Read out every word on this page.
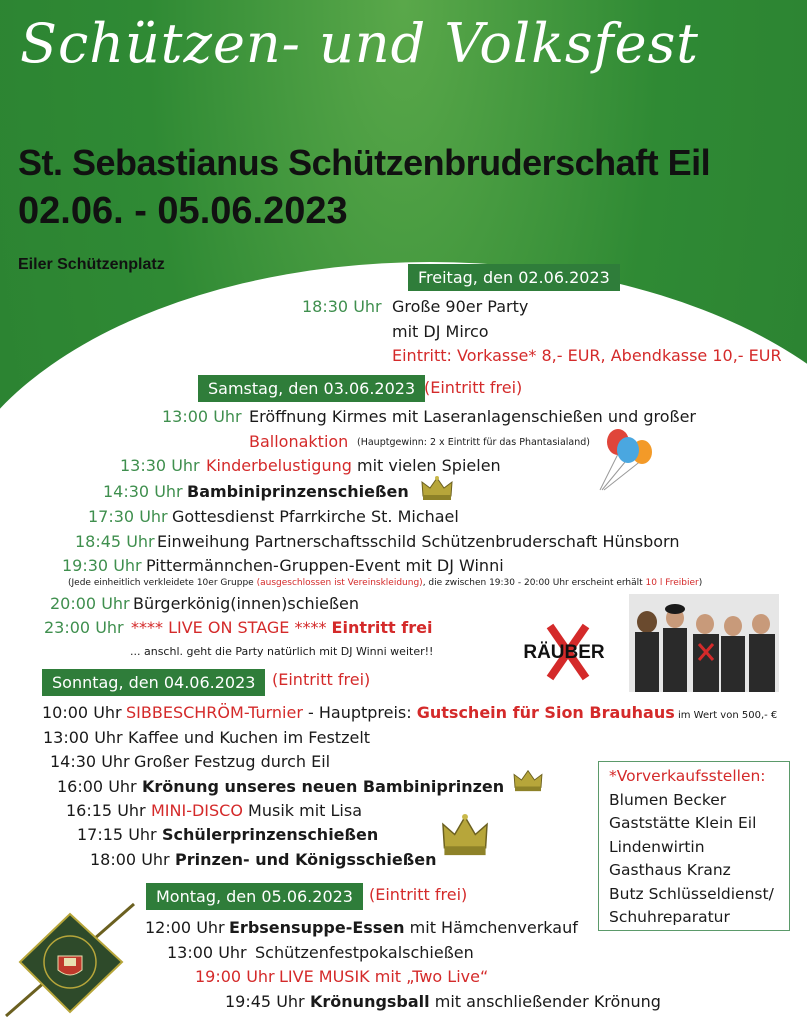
Schützen- und Volksfest
St. Sebastianus Schützenbruderschaft Eil
02.06. - 05.06.2023
Eiler Schützenplatz
Freitag, den 02.06.2023
18:30 Uhr Große 90er Party
mit DJ Mirco
Eintritt: Vorkasse* 8,- EUR, Abendkasse 10,- EUR
Samstag, den 03.06.2023 (Eintritt frei)
13:00 Uhr Eröffnung Kirmes mit Laseranlagenschießen und großer
Ballonaktion (Hauptgewinn: 2 x Eintritt für das Phantasialand)
13:30 Uhr Kinderbelustigung mit vielen Spielen
14:30 Uhr Bambiniprinzenschießen
17:30 Uhr Gottesdienst Pfarrkirche St. Michael
18:45 Uhr Einweihung Partnerschaftsschild Schützenbruderschaft Hünsborn
19:30 Uhr Pittermännchen-Gruppen-Event mit DJ Winni
(Jede einheitlich verkleidete 10er Gruppe (ausgeschlossen ist Vereinskleidung), die zwischen 19:30 - 20:00 Uhr erscheint erhält 10 l Freibier)
20:00 Uhr Bürgerkönig(innen)schießen
23:00 Uhr **** LIVE ON STAGE **** Eintritt frei
... anschl. geht die Party natürlich mit DJ Winni weiter!!	RÄUBER
Sonntag, den 04.06.2023	(Eintritt frei)
10:00 Uhr SIBBESCHRÖM-Turnier - Hauptpreis: Gutschein für Sion Brauhaus im Wert von 500,- €
13:00 Uhr Kaffee und Kuchen im Festzelt
14:30 Uhr Großer Festzug durch Eil
16:00 Uhr Krönung unseres neuen Bambiniprinzen
16:15 Uhr MINI-DISCO Musik mit Lisa
17:15 Uhr Schülerprinzenschießen
18:00 Uhr Prinzen- und Königsschießen
*Vorverkaufsstellen:
Blumen Becker
Gaststätte Klein Eil
Lindenwirtin
Gasthaus Kranz
Butz Schlüsseldienst/
Schuhreparatur
Montag, den 05.06.2023	(Eintritt frei)
12:00 Uhr Erbsensuppe-Essen mit Hämchenverkauf
13:00 Uhr Schützenfestpokalschießen
19:00 Uhr LIVE MUSIK mit „Two Live“
19:45 Uhr Krönungsball mit anschließender Krönung
